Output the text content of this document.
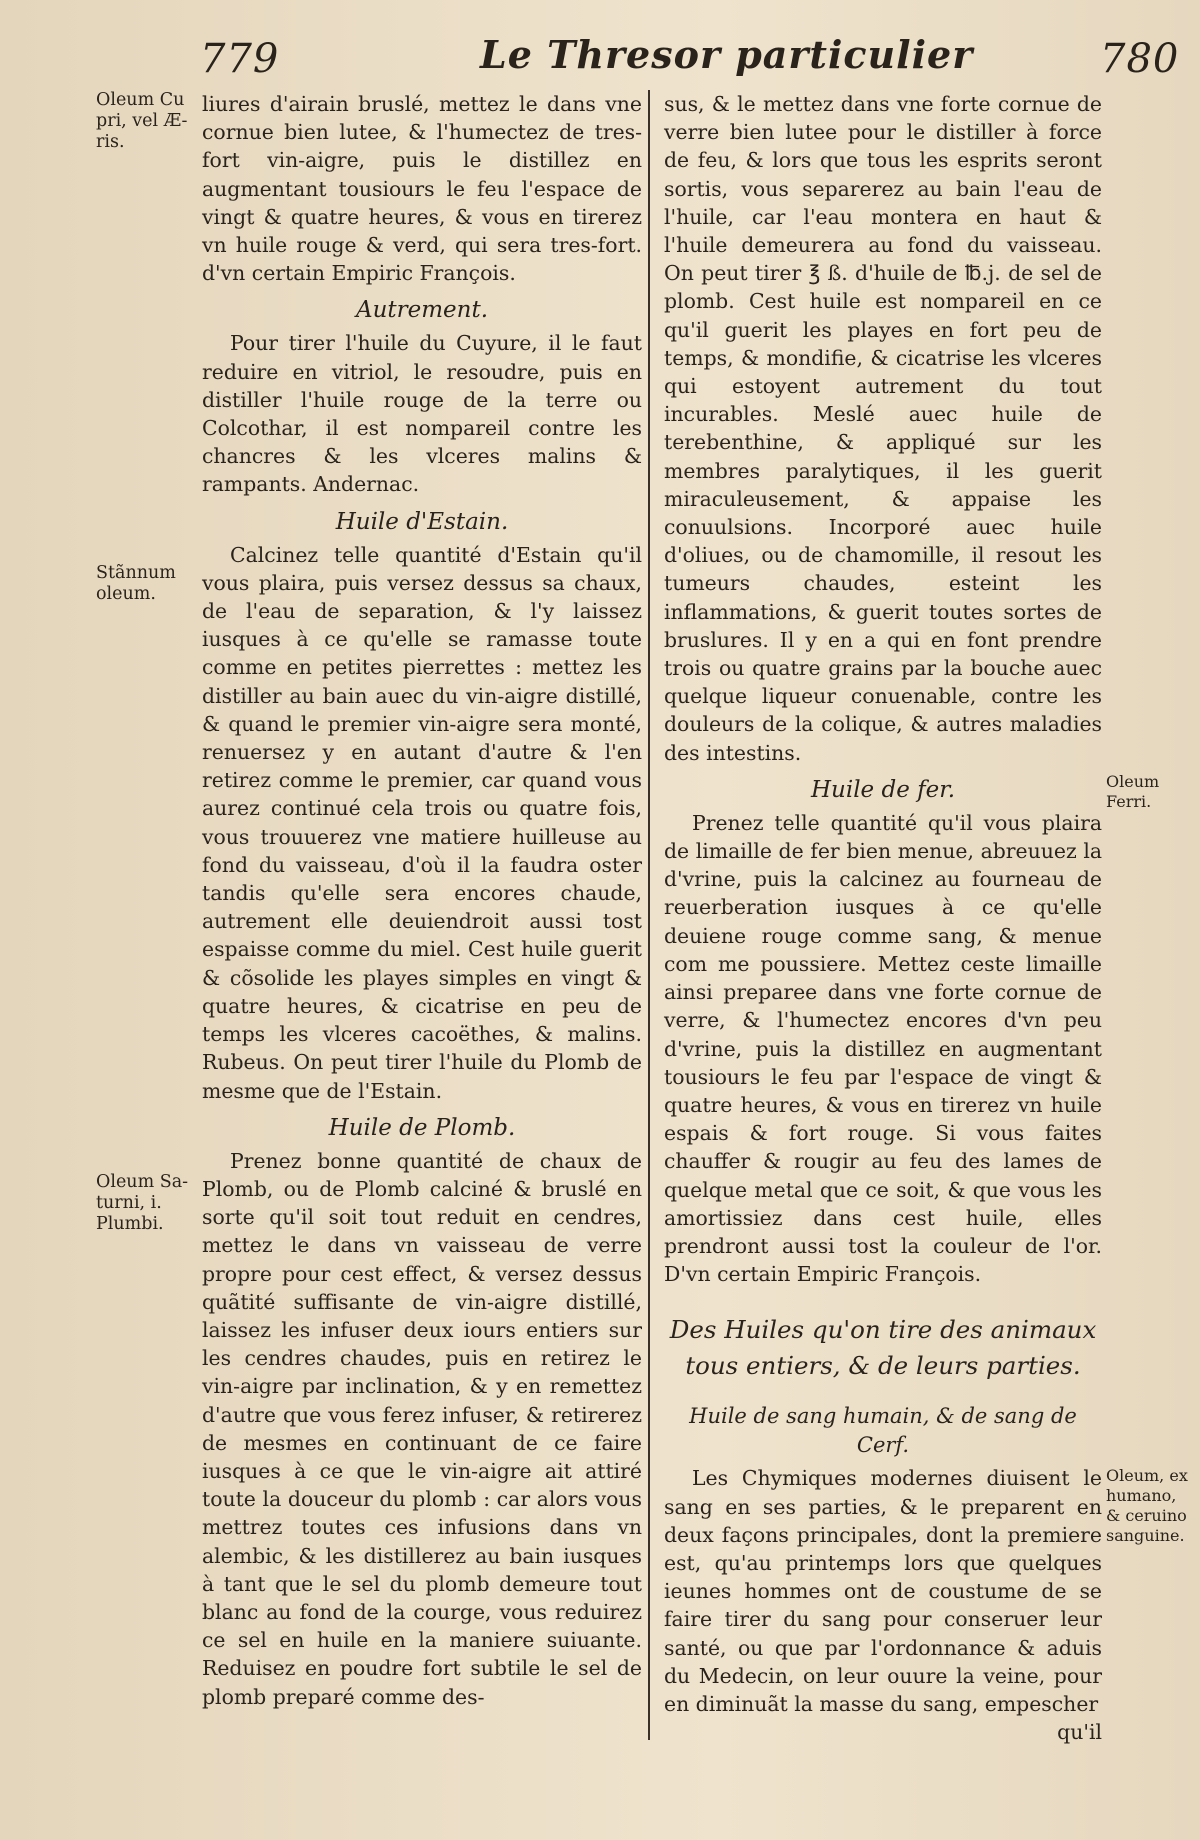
779	Le Thresor particulier	780
Oleum Cu
pri, vel Æ-
ris.
Stãnnum
oleum.
Oleum Sa-
turni, i.
Plumbi.
Oleum
Ferri.
Oleum, ex
humano,
& ceruino
sanguine.

liures d'airain bruslé, mettez le dans vne cornue bien lutee, & l'humectez de tres-fort vin-aigre, puis le distillez en augmentant tousiours le feu l'espace de vingt & quatre heures, & vous en tirerez vn huile rouge & verd, qui sera tres-fort. d'vn certain Empiric François.

Autrement.

Pour tirer l'huile du Cuyure, il le faut reduire en vitriol, le resoudre, puis en distiller l'huile rouge de la terre ou Colcothar, il est nompareil contre les chancres & les vlceres malins & rampants. Andernac.

Huile d'Estain.

Calcinez telle quantité d'Estain qu'il vous plaira, puis versez dessus sa chaux, de l'eau de separation, & l'y laissez iusques à ce qu'elle se ramasse toute comme en petites pierrettes : mettez les distiller au bain auec du vin-aigre distillé, & quand le premier vin-aigre sera monté, renuersez y en autant d'autre & l'en retirez comme le premier, car quand vous aurez continué cela trois ou quatre fois, vous trouuerez vne matiere huilleuse au fond du vaisseau, d'où il la faudra oster tandis qu'elle sera encores chaude, autrement elle deuiendroit aussi tost espaisse comme du miel. Cest huile guerit & cõsolide les playes simples en vingt & quatre heures, & cicatrise en peu de temps les vlceres cacoëthes, & malins. Rubeus. On peut tirer l'huile du Plomb de mesme que de l'Estain.

Huile de Plomb.

Prenez bonne quantité de chaux de Plomb, ou de Plomb calciné & bruslé en sorte qu'il soit tout reduit en cendres, mettez le dans vn vaisseau de verre propre pour cest effect, & versez dessus quãtité suffisante de vin-aigre distillé, laissez les infuser deux iours entiers sur les cendres chaudes, puis en retirez le vin-aigre par inclination, & y en remettez d'autre que vous ferez infuser, & retirerez de mesmes en continuant de ce faire iusques à ce que le vin-aigre ait attiré toute la douceur du plomb : car alors vous mettrez toutes ces infusions dans vn alembic, & les distillerez au bain iusques à tant que le sel du plomb demeure tout blanc au fond de la courge, vous reduirez ce sel en huile en la maniere suiuante. Reduisez en poudre fort subtile le sel de plomb preparé comme des-

sus, & le mettez dans vne forte cornue de verre bien lutee pour le distiller à force de feu, & lors que tous les esprits seront sortis, vous separerez au bain l'eau de l'huile, car l'eau montera en haut & l'huile demeurera au fond du vaisseau. On peut tirer ℥ ß. d'huile de ℔.j. de sel de plomb. Cest huile est nompareil en ce qu'il guerit les playes en fort peu de temps, & mondifie, & cicatrise les vlceres qui estoyent autrement du tout incurables. Meslé auec huile de terebenthine, & appliqué sur les membres paralytiques, il les guerit miraculeusement, & appaise les conuulsions. Incorporé auec huile d'oliues, ou de chamomille, il resout les tumeurs chaudes, esteint les inflammations, & guerit toutes sortes de bruslures. Il y en a qui en font prendre trois ou quatre grains par la bouche auec quelque liqueur conuenable, contre les douleurs de la colique, & autres maladies des intestins.

Huile de fer.

Prenez telle quantité qu'il vous plaira de limaille de fer bien menue, abreuuez la d'vrine, puis la calcinez au fourneau de reuerberation iusques à ce qu'elle deuiene rouge comme sang, & menue com me poussiere. Mettez ceste limaille ainsi preparee dans vne forte cornue de verre, & l'humectez encores d'vn peu d'vrine, puis la distillez en augmentant tousiours le feu par l'espace de vingt & quatre heures, & vous en tirerez vn huile espais & fort rouge. Si vous faites chauffer & rougir au feu des lames de quelque metal que ce soit, & que vous les amortissiez dans cest huile, elles prendront aussi tost la couleur de l'or. D'vn certain Empiric François.

Des Huiles qu'on tire des animaux tous entiers, & de leurs parties.
Huile de sang humain, & de sang de Cerf.

Les Chymiques modernes diuisent le sang en ses parties, & le preparent en deux façons principales, dont la premiere est, qu'au printemps lors que quelques ieunes hommes ont de coustume de se faire tirer du sang pour conseruer leur santé, ou que par l'ordonnance & aduis du Medecin, on leur ouure la veine, pour en diminuãt la masse du sang, empescher

qu'il
